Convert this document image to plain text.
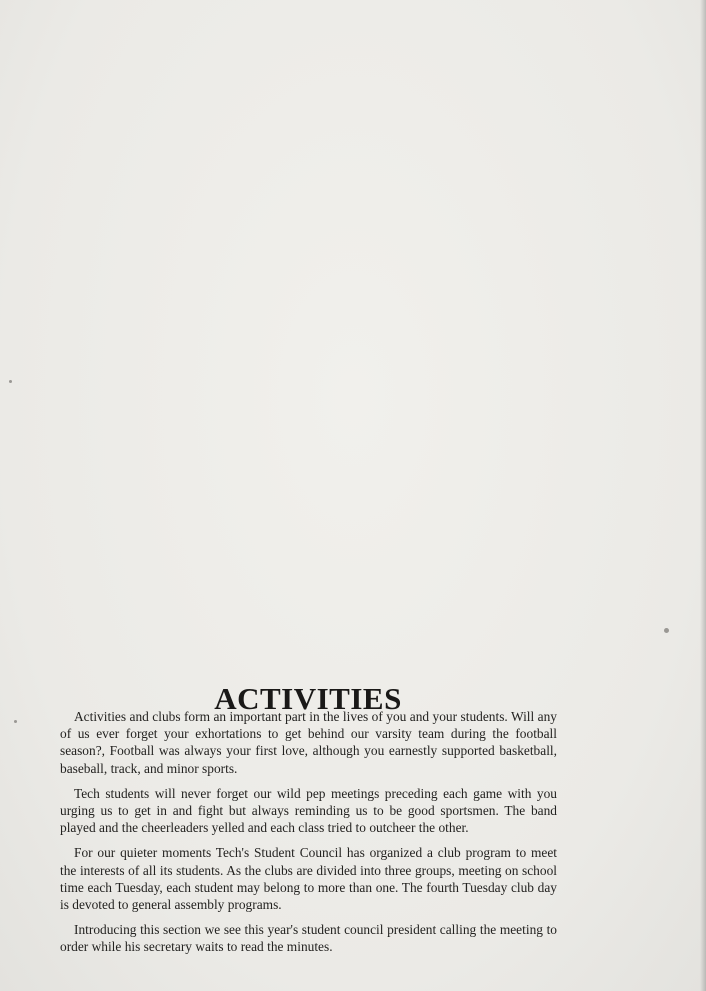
ACTIVITIES

Activities and clubs form an important part in the lives of you and your students. Will any of us ever forget your exhortations to get behind our varsity team during the football season?, Football was always your first love, although you earnestly supported basketball, baseball, track, and minor sports.

Tech students will never forget our wild pep meetings preceding each game with you urging us to get in and fight but always reminding us to be good sportsmen. The band played and the cheerleaders yelled and each class tried to outcheer the other.

For our quieter moments Tech's Student Council has organized a club program to meet the interests of all its students. As the clubs are divided into three groups, meeting on school time each Tuesday, each student may belong to more than one. The fourth Tuesday club day is devoted to general assembly programs.

Introducing this section we see this year's student council president calling the meeting to order while his secretary waits to read the minutes.
